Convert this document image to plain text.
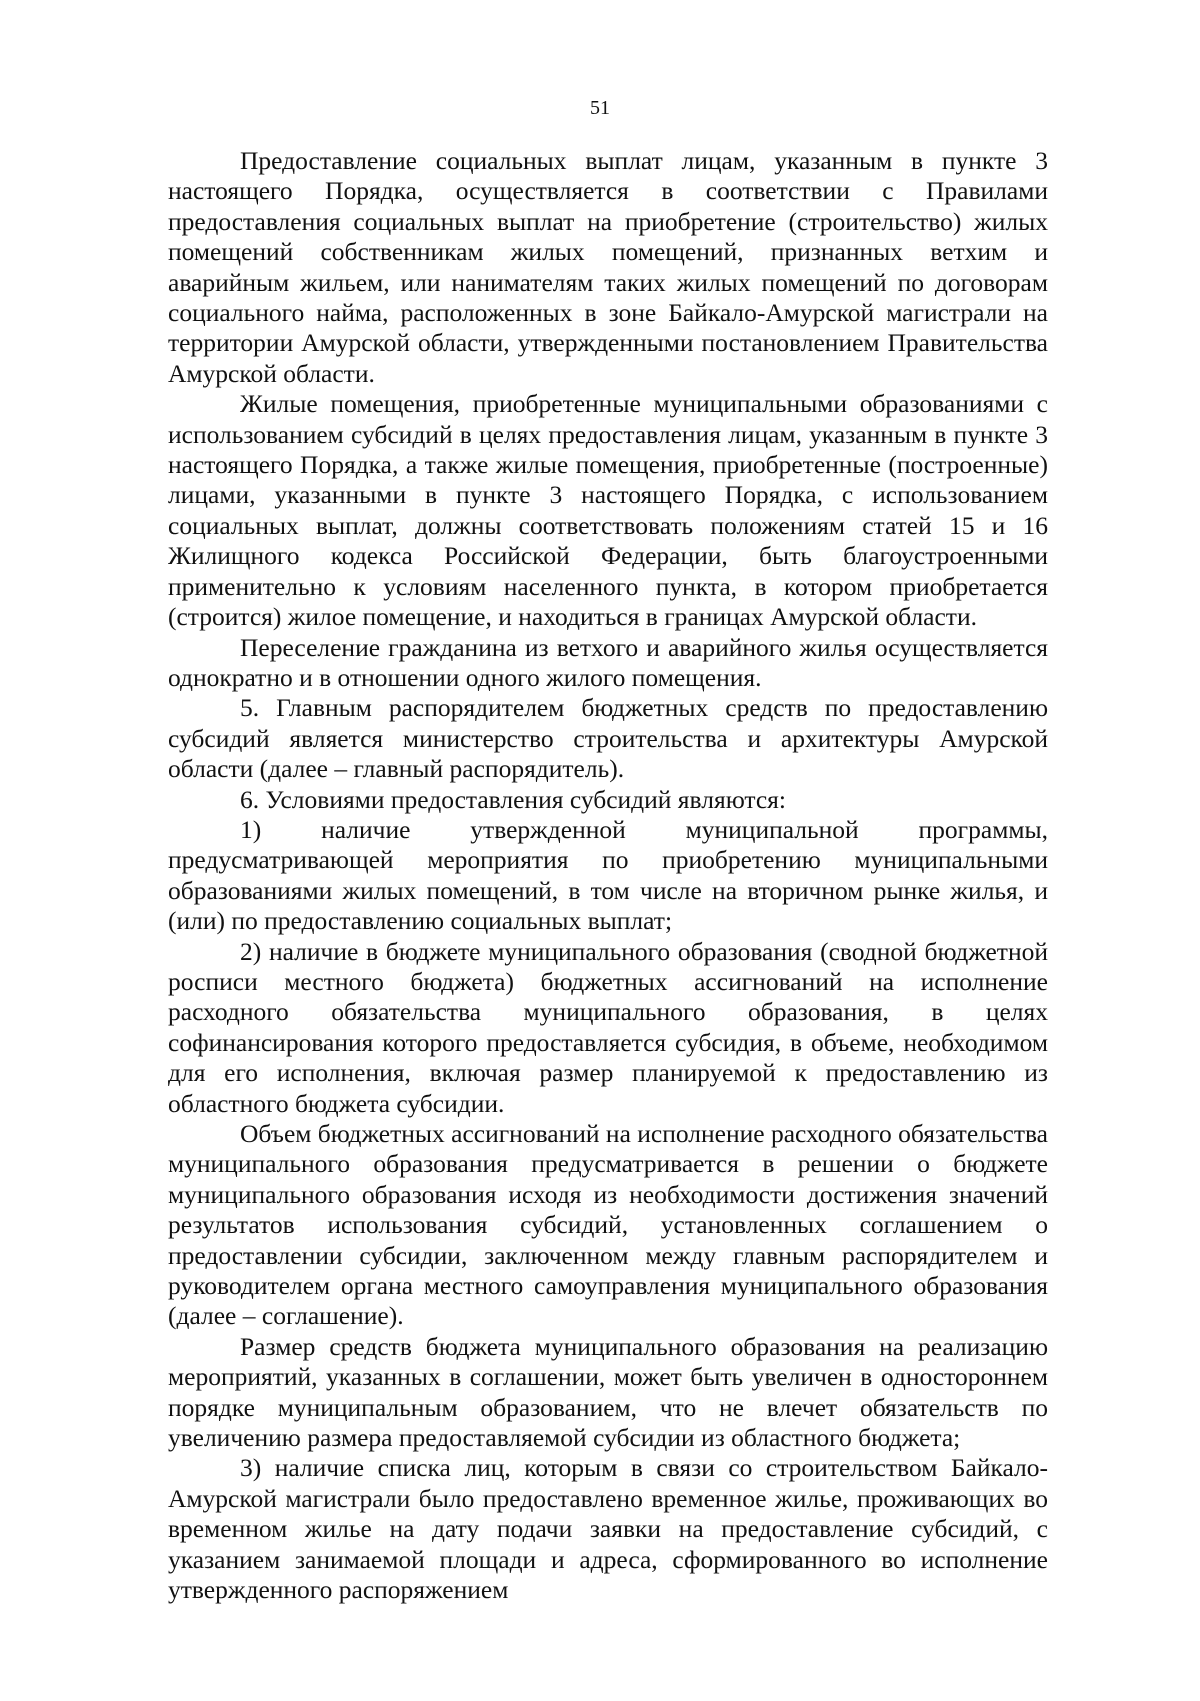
51

Предоставление социальных выплат лицам, указанным в пункте 3 настоящего Порядка, осуществляется в соответствии с Правилами предоставления социальных выплат на приобретение (строительство) жилых помещений собственникам жилых помещений, признанных ветхим и аварийным жильем, или нанимателям таких жилых помещений по договорам социального найма, расположенных в зоне Байкало-Амурской магистрали на территории Амурской области, утвержденными постановлением Правительства Амурской области.

Жилые помещения, приобретенные муниципальными образованиями с использованием субсидий в целях предоставления лицам, указанным в пункте 3 настоящего Порядка, а также жилые помещения, приобретенные (построенные) лицами, указанными в пункте 3 настоящего Порядка, с использованием социальных выплат, должны соответствовать положениям статей 15 и 16 Жилищного кодекса Российской Федерации, быть благоустроенными применительно к условиям населенного пункта, в котором приобретается (строится) жилое помещение, и находиться в границах Амурской области.

Переселение гражданина из ветхого и аварийного жилья осуществляется однократно и в отношении одного жилого помещения.

5. Главным распорядителем бюджетных средств по предоставлению субсидий является министерство строительства и архитектуры Амурской области (далее – главный распорядитель).

6. Условиями предоставления субсидий являются:

1) наличие утвержденной муниципальной программы, предусматривающей мероприятия по приобретению муниципальными образованиями жилых помещений, в том числе на вторичном рынке жилья, и (или) по предоставлению социальных выплат;

2) наличие в бюджете муниципального образования (сводной бюджетной росписи местного бюджета) бюджетных ассигнований на исполнение расходного обязательства муниципального образования, в целях софинансирования которого предоставляется субсидия, в объеме, необходимом для его исполнения, включая размер планируемой к предоставлению из областного бюджета субсидии.

Объем бюджетных ассигнований на исполнение расходного обязательства муниципального образования предусматривается в решении о бюджете муниципального образования исходя из необходимости достижения значений результатов использования субсидий, установленных соглашением о предоставлении субсидии, заключенном между главным распорядителем и руководителем органа местного самоуправления муниципального образования (далее – соглашение).

Размер средств бюджета муниципального образования на реализацию мероприятий, указанных в соглашении, может быть увеличен в одностороннем порядке муниципальным образованием, что не влечет обязательств по увеличению размера предоставляемой субсидии из областного бюджета;

3) наличие списка лиц, которым в связи со строительством Байкало-Амурской магистрали было предоставлено временное жилье, проживающих во временном жилье на дату подачи заявки на предоставление субсидий, с указанием занимаемой площади и адреса, сформированного во исполнение утвержденного распоряжением
